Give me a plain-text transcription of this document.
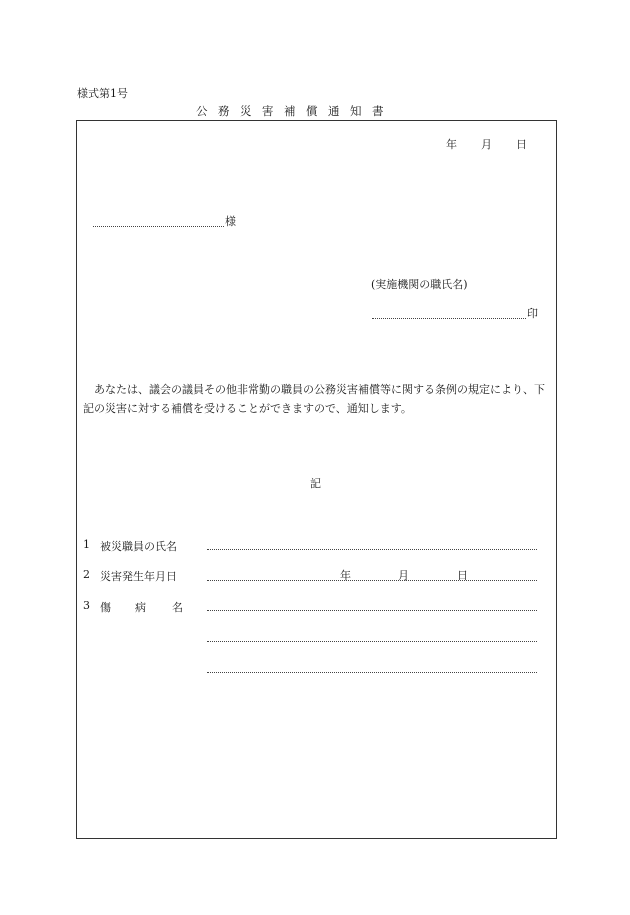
様式第1号
公務災害補償通知書
年 月 日
様
(実施機関の職氏名)
印

あなたは、議会の議員その他非常勤の職員の公務災害補償等に関する条例の規定により、下記の災害に対する補償を受けることができますので、通知します。

記
1 被災職員の氏名
2 災害発生年月日	年	月	日
3 傷 病 名
